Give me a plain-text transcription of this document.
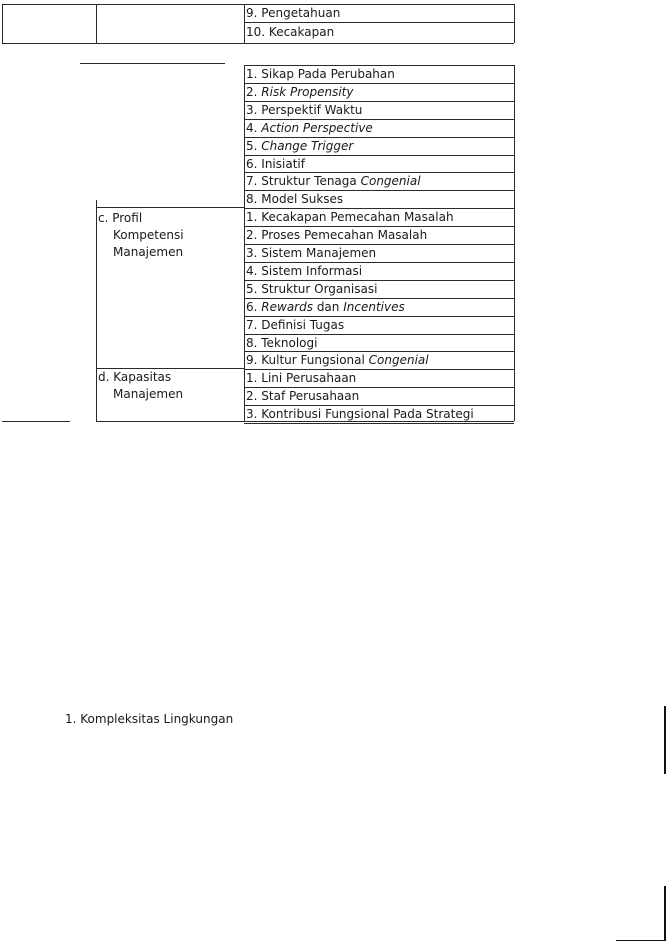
9. Pengetahuan
10. Kecakapan
1. Sikap Pada Perubahan
2. Risk Propensity
3. Perspektif Waktu
4. Action Perspective
5. Change Trigger
6. Inisiatif
7. Struktur Tenaga Congenial
8. Model Sukses
c. Profil
Kompetensi
Manajemen
1. Kecakapan Pemecahan Masalah
2. Proses Pemecahan Masalah
3. Sistem Manajemen
4. Sistem Informasi
5. Struktur Organisasi
6. Rewards dan Incentives
7. Definisi Tugas
8. Teknologi
9. Kultur Fungsional Congenial
d. Kapasitas
Manajemen
1. Lini Perusahaan
2. Staf Perusahaan
3. Kontribusi Fungsional Pada Strategi
1. Kompleksitas Lingkungan
